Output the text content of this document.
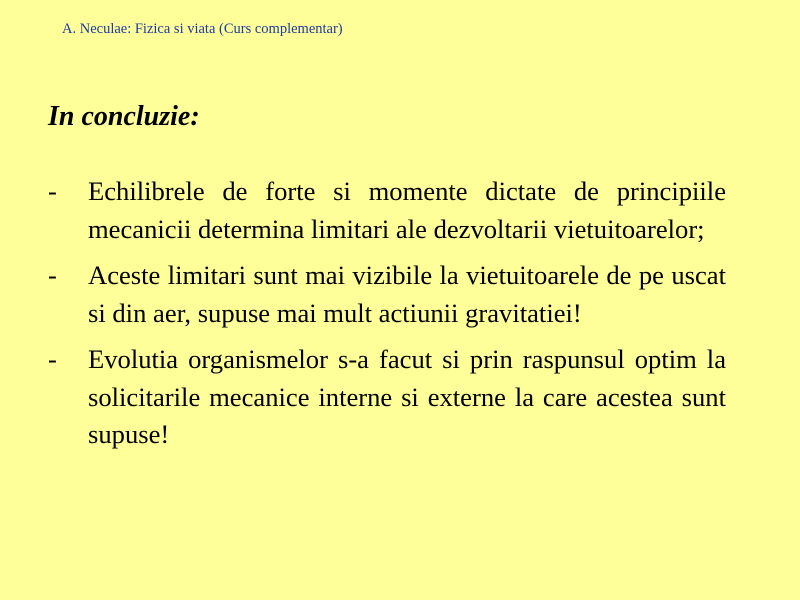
A. Neculae: Fizica si viata (Curs complementar)
In concluzie:
-	Echilibrele de forte si momente dictate de principiile mecanicii determina limitari ale dezvoltarii vietuitoarelor;
-	Aceste limitari sunt mai vizibile la vietuitoarele de pe uscat si din aer, supuse mai mult actiunii gravitatiei!
-	Evolutia organismelor s-a facut si prin raspunsul optim la solicitarile mecanice interne si externe la care acestea sunt supuse!
